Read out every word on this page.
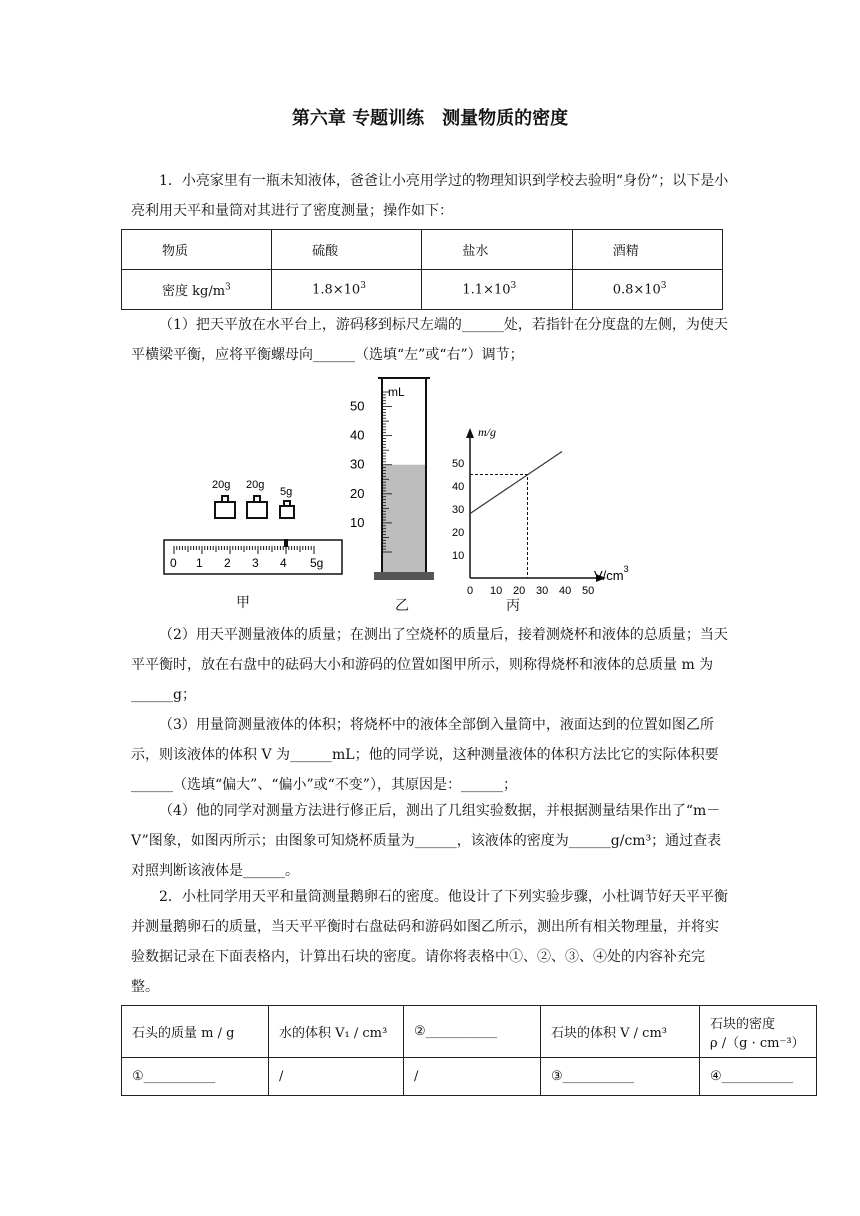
第六章 专题训练　测量物质的密度

1．小亮家里有一瓶未知液体，爸爸让小亮用学过的物理知识到学校去验明“身份”；以下是小亮利用天平和量筒对其进行了密度测量；操作如下：

物质	硫酸	盐水	酒精
密度 $kg/m^3$	$1.8\times 10^3$	$1.1\times 10^3$	$0.8\times 10^3$

（1）把天平放在水平台上，游码移到标尺左端的______处，若指针在分度盘的左侧，为使天平横梁平衡，应将平衡螺母向______（选填“左”或“右”）调节；

20g 20g
5g
0 1 2 3 4 5g
甲
mL
10
20
30
40
50
乙
m/g
$V/cm^3$
10
20
30
40
50
0 10 20 30 40 50
丙

（2）用天平测量液体的质量；在测出了空烧杯的质量后，接着测烧杯和液体的总质量；当天平平衡时，放在右盘中的砝码大小和游码的位置如图甲所示，则称得烧杯和液体的总质量 m 为______g；

（3）用量筒测量液体的体积；将烧杯中的液体全部倒入量筒中，液面达到的位置如图乙所示，则该液体的体积 V 为______mL；他的同学说，这种测量液体的体积方法比它的实际体积要______（选填“偏大”、“偏小”或“不变”），其原因是：______；

（4）他的同学对测量方法进行修正后，测出了几组实验数据，并根据测量结果作出了“m－V”图象，如图丙所示；由图象可知烧杯质量为______，该液体的密度为______g/cm³；通过查表对照判断该液体是______。

2．小杜同学用天平和量筒测量鹅卵石的密度。他设计了下列实验步骤，小杜调节好天平平衡并测量鹅卵石的质量，当天平平衡时右盘砝码和游码如图乙所示，测出所有相关物理量，并将实验数据记录在下面表格内，计算出石块的密度。请你将表格中①、②、③、④处的内容补充完整。

石头的质量 m / g	水的体积 V₁ / cm³	②___________	石块的体积 V / cm³	石块的密度
ρ /（g · cm⁻³）

①___________	/	/	③___________	④___________
